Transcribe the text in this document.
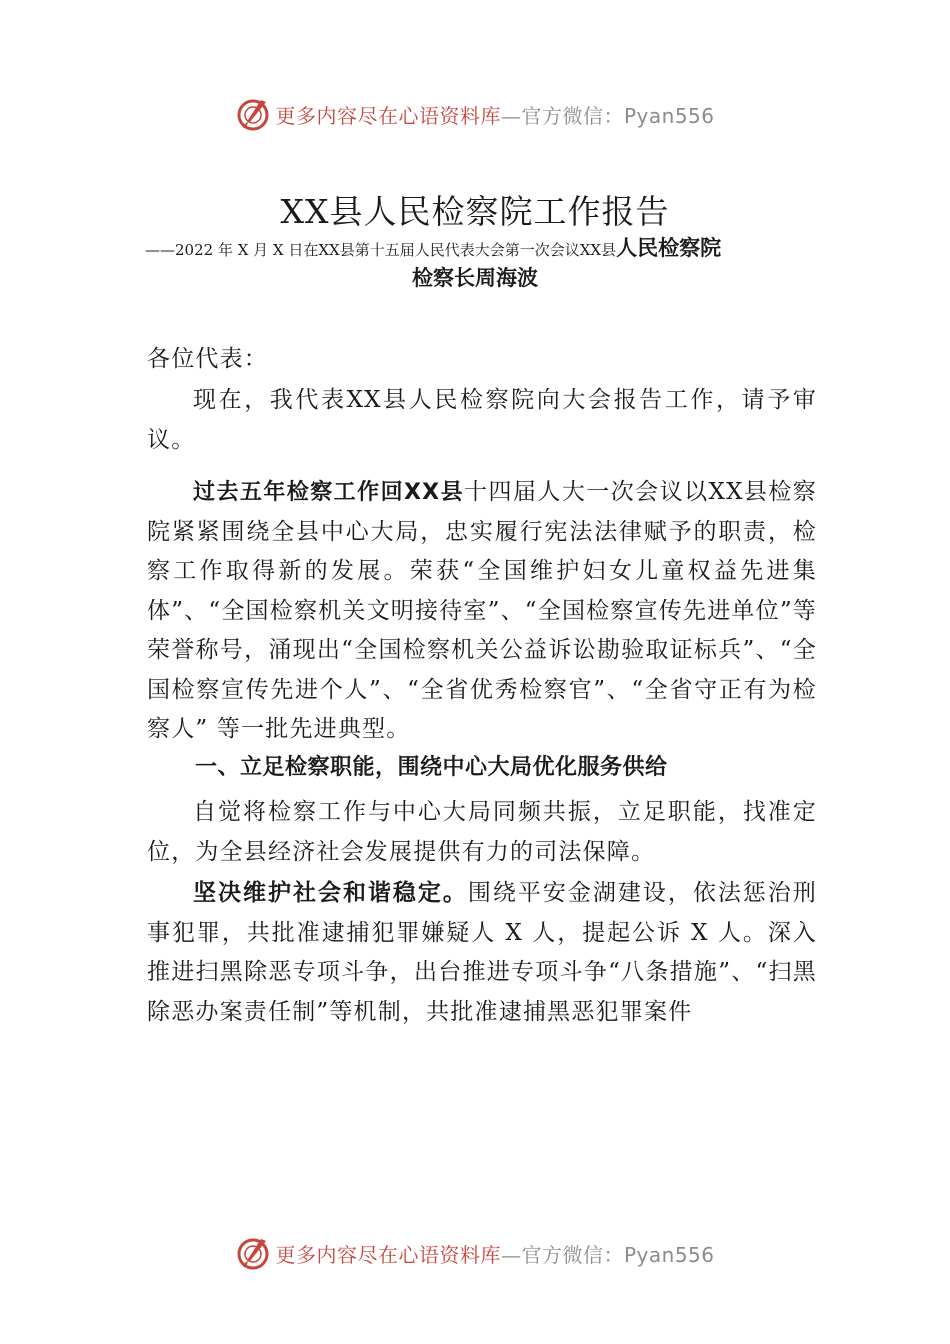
更多内容尽在心语资料库—官方微信：Pyan556
XX县人民检察院工作报告
——2022 年 X 月 X 日在XX县第十五届人民代表大会第一次会议XX县人民检察院
检察长周海波
各位代表：
现在，我代表XX县人民检察院向大会报告工作，请予审议。
过去五年检察工作回XX县十四届人大一次会议以XX县检察院紧紧围绕全县中心大局，忠实履行宪法法律赋予的职责，检察工作取得新的发展。荣获“全国维护妇女儿童权益先进集体”、“全国检察机关文明接待室”、“全国检察宣传先进单位”等荣誉称号，涌现出“全国检察机关公益诉讼勘验取证标兵”、“全国检察宣传先进个人”、“全省优秀检察官”、“全省守正有为检察人” 等一批先进典型。
一、立足检察职能，围绕中心大局优化服务供给
自觉将检察工作与中心大局同频共振，立足职能，找准定位，为全县经济社会发展提供有力的司法保障。
坚决维护社会和谐稳定。围绕平安金湖建设，依法惩治刑事犯罪，共批准逮捕犯罪嫌疑人 X 人，提起公诉 X 人。深入推进扫黑除恶专项斗争，出台推进专项斗争“八条措施”、“扫黑除恶办案责任制”等机制，共批准逮捕黑恶犯罪案件
更多内容尽在心语资料库—官方微信：Pyan556
